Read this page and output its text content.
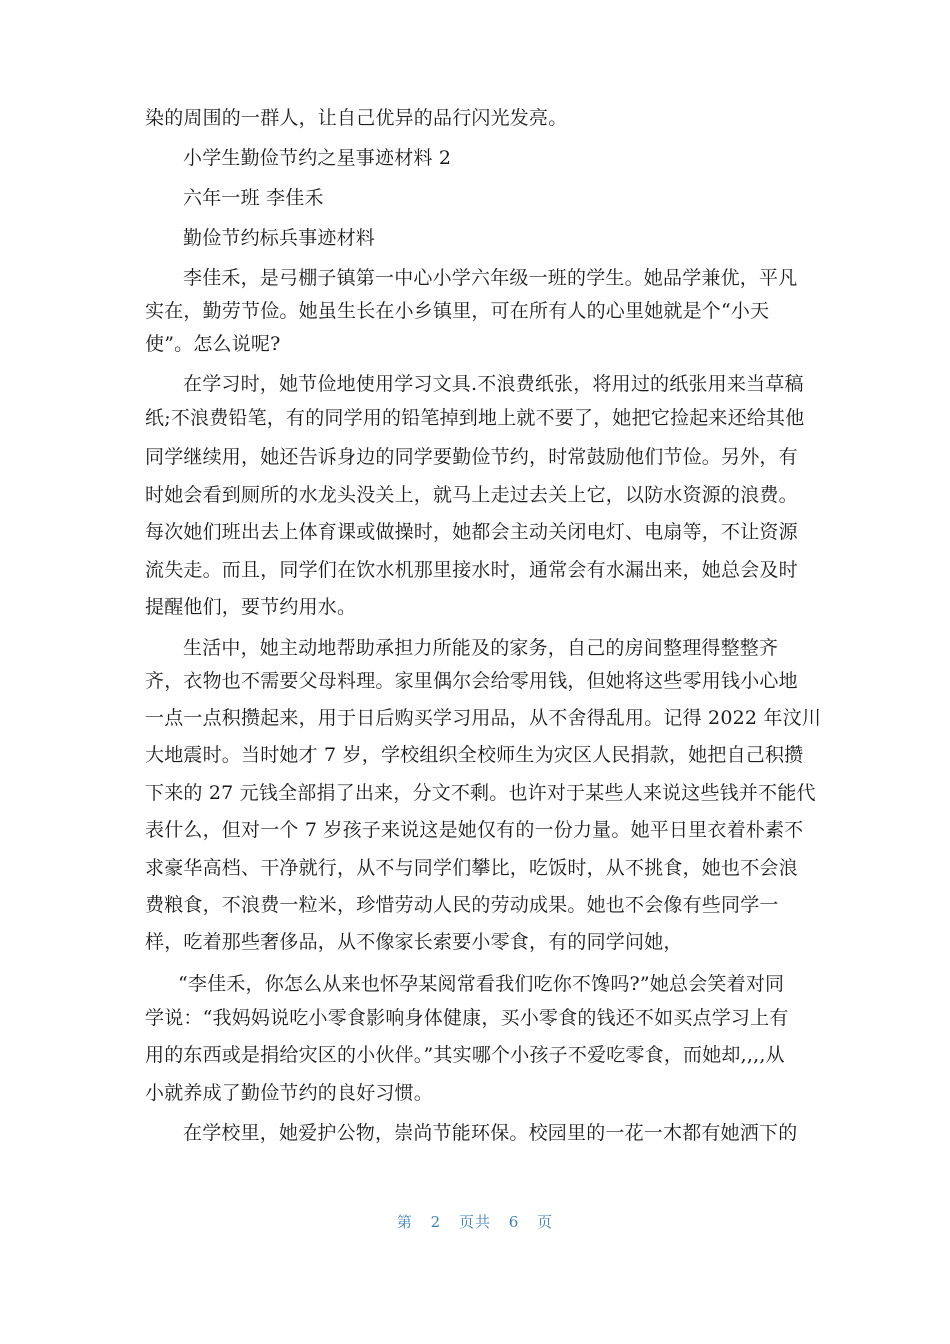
染的周围的一群人，让自己优异的品行闪光发亮。
小学生勤俭节约之星事迹材料 2
六年一班 李佳禾
勤俭节约标兵事迹材料
李佳禾，是弓棚子镇第一中心小学六年级一班的学生。她品学兼优，平凡
实在，勤劳节俭。她虽生长在小乡镇里，可在所有人的心里她就是个“小天
使”。怎么说呢?
在学习时，她节俭地使用学习文具.不浪费纸张，将用过的纸张用来当草稿
纸;不浪费铅笔，有的同学用的铅笔掉到地上就不要了，她把它捡起来还给其他
同学继续用，她还告诉身边的同学要勤俭节约，时常鼓励他们节俭。另外，有
时她会看到厕所的水龙头没关上，就马上走过去关上它，以防水资源的浪费。
每次她们班出去上体育课或做操时，她都会主动关闭电灯、电扇等，不让资源
流失走。而且，同学们在饮水机那里接水时，通常会有水漏出来，她总会及时
提醒他们，要节约用水。
生活中，她主动地帮助承担力所能及的家务，自己的房间整理得整整齐
齐，衣物也不需要父母料理。家里偶尔会给零用钱，但她将这些零用钱小心地
一点一点积攒起来，用于日后购买学习用品，从不舍得乱用。记得 2022 年汶川
大地震时。当时她才 7 岁，学校组织全校师生为灾区人民捐款，她把自己积攒
下来的 27 元钱全部捐了出来，分文不剩。也许对于某些人来说这些钱并不能代
表什么，但对一个 7 岁孩子来说这是她仅有的一份力量。她平日里衣着朴素不
求豪华高档、干净就行，从不与同学们攀比，吃饭时，从不挑食，她也不会浪
费粮食，不浪费一粒米，珍惜劳动人民的劳动成果。她也不会像有些同学一
样，吃着那些奢侈品，从不像家长索要小零食，有的同学问她，
“李佳禾，你怎么从来也怀孕某阅常看我们吃你不馋吗?”她总会笑着对同
学说：“我妈妈说吃小零食影响身体健康，买小零食的钱还不如买点学习上有
用的东西或是捐给灾区的小伙伴。”其实哪个小孩子不爱吃零食，而她却,,,,从
小就养成了勤俭节约的良好习惯。
在学校里，她爱护公物，崇尚节能环保。校园里的一花一木都有她洒下的
第 2 页共 6 页
